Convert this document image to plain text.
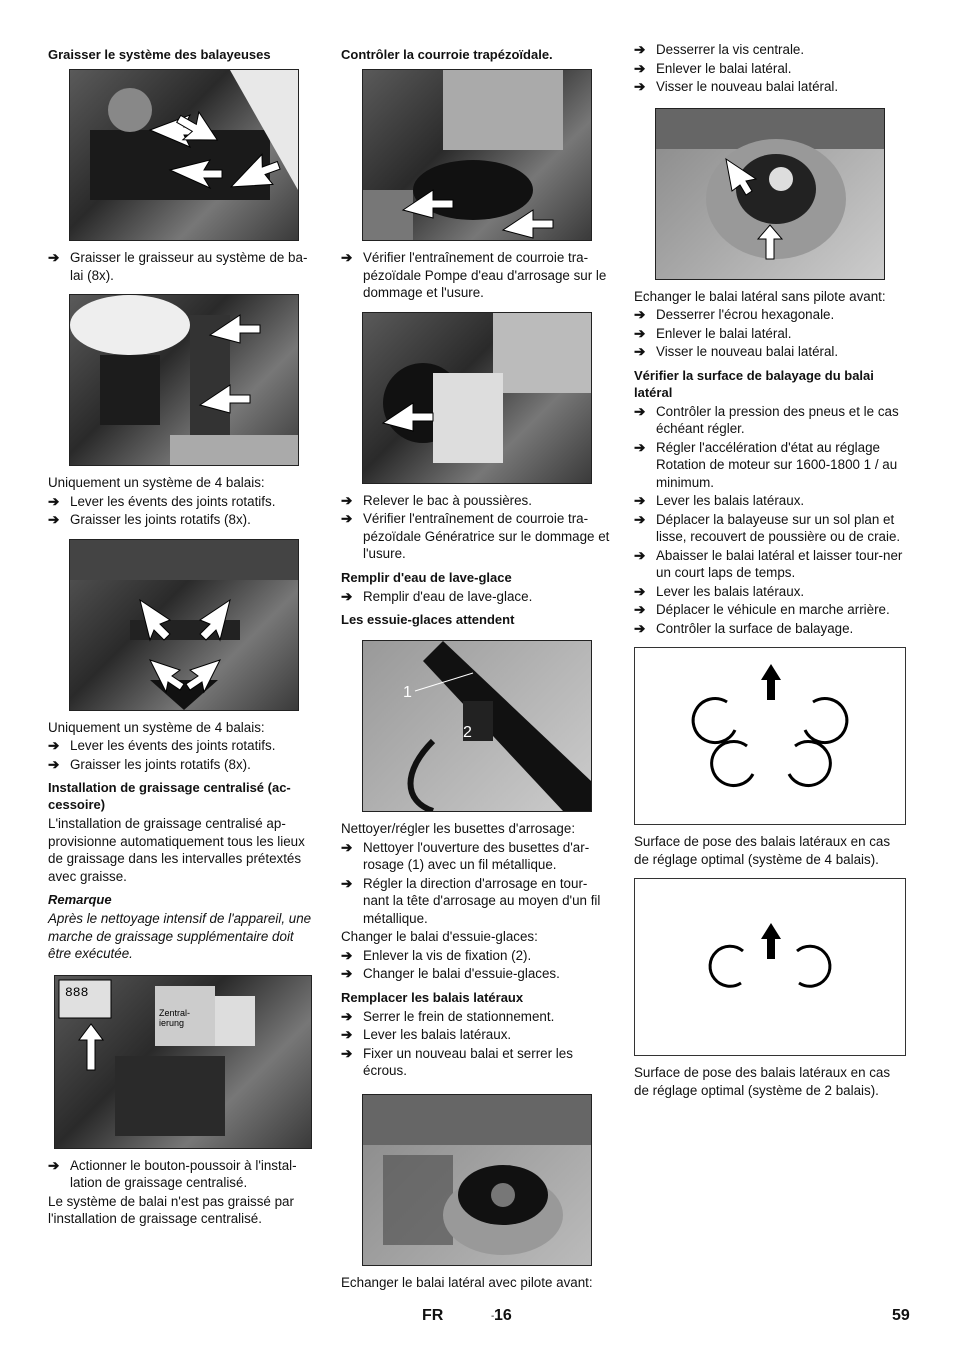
Graisser le système des balayeuses
➔ Graisser le graisseur au système de ba-lai (8x).
Uniquement un système de 4 balais:
➔ Lever les évents des joints rotatifs.
➔ Graisser les joints rotatifs (8x).
Uniquement un système de 4 balais:
➔ Lever les évents des joints rotatifs.
➔ Graisser les joints rotatifs (8x).
Installation de graissage centralisé (ac-cessoire)
L'installation de graissage centralisé ap-provisionne automatiquement tous les lieux de graissage dans les intervalles prétextés avec graisse.
Remarque
Après le nettoyage intensif de l'appareil, une marche de graissage supplémentaire doit être exécutée.
888
Zentral-
ierung
➔ Actionner le bouton-poussoir à l'instal-lation de graissage centralisé.
Le système de balai n'est pas graissé par l'installation de graissage centralisé.
Contrôler la courroie trapézoïdale.
➔ Vérifier l'entraînement de courroie tra-pézoïdale Pompe d'eau d'arrosage sur le dommage et l'usure.
➔ Relever le bac à poussières.
➔ Vérifier l'entraînement de courroie tra-pézoïdale Génératrice sur le dommage et l'usure.
Remplir d'eau de lave-glace
➔ Remplir d'eau de lave-glace.
Les essuie-glaces attendent
1
2
Nettoyer/régler les busettes d'arrosage:
➔ Nettoyer l'ouverture des busettes d'ar-rosage (1) avec un fil métallique.
➔ Régler la direction d'arrosage en tour-nant la tête d'arrosage au moyen d'un fil métallique.
Changer le balai d'essuie-glaces:
➔ Enlever la vis de fixation (2).
➔ Changer le balai d'essuie-glaces.
Remplacer les balais latéraux
➔ Serrer le frein de stationnement.
➔ Lever les balais latéraux.
➔ Fixer un nouveau balai et serrer les écrous.
Echanger le balai latéral avec pilote avant:
➔ Desserrer la vis centrale.
➔ Enlever le balai latéral.
➔ Visser le nouveau balai latéral.
Echanger le balai latéral sans pilote avant:
➔ Desserrer l'écrou hexagonale.
➔ Enlever le balai latéral.
➔ Visser le nouveau balai latéral.
Vérifier la surface de balayage du balai latéral
➔ Contrôler la pression des pneus et le cas échéant régler.
➔ Régler l'accélération d'état au réglage Rotation de moteur sur 1600-1800 1 / au minimum.
➔ Lever les balais latéraux.
➔ Déplacer la balayeuse sur un sol plan et lisse, recouvert de poussière ou de craie.
➔ Abaisser le balai latéral et laisser tour-ner un court laps de temps.
➔ Lever les balais latéraux.
➔ Déplacer le véhicule en marche arrière.
➔ Contrôler la surface de balayage.
Surface de pose des balais latéraux en cas de réglage optimal (système de 4 balais).
Surface de pose des balais latéraux en cas de réglage optimal (système de 2 balais).
FR	- 16	59
